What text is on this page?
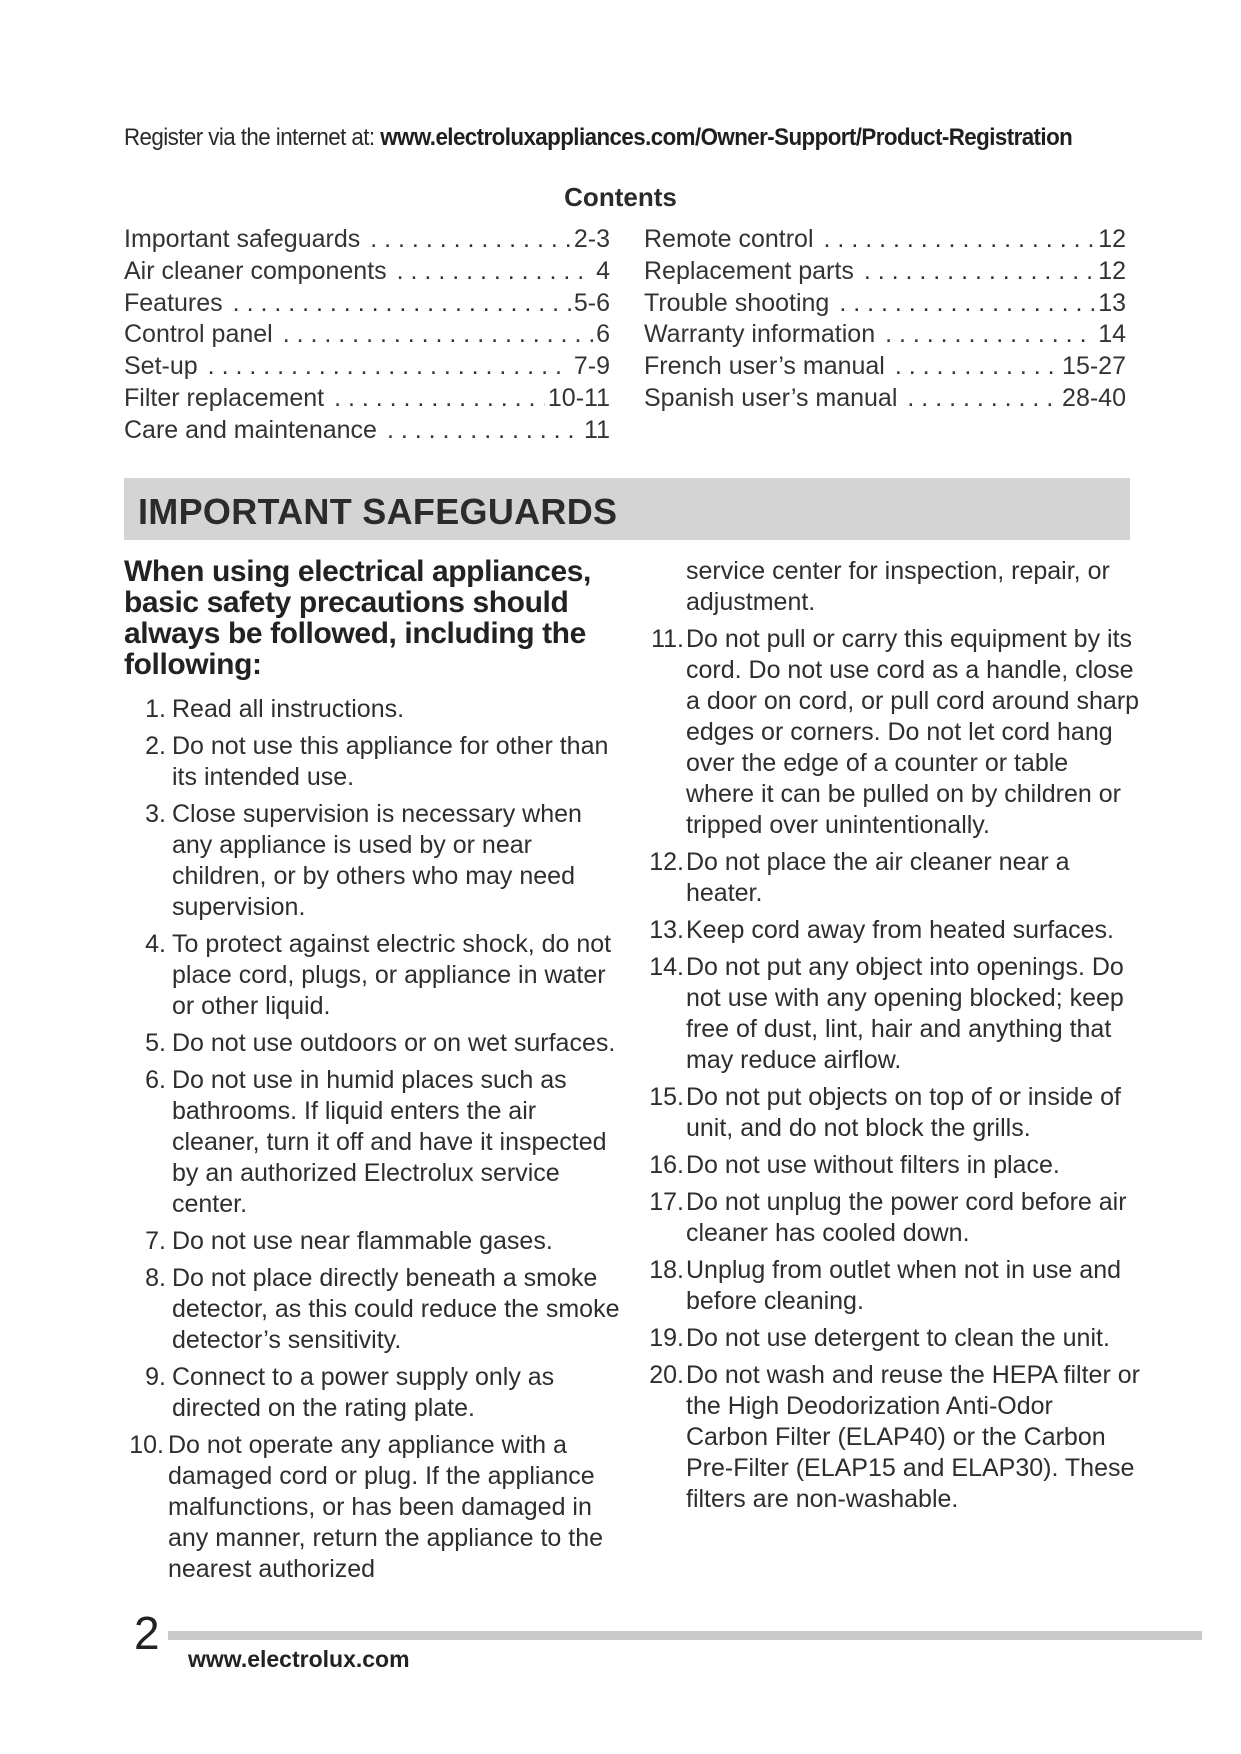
Register via the internet at: www.electroluxappliances.com/Owner-Support/Product-Registration
Contents
Important safeguards . . .	2-3
Air cleaner components . . .	4
Features . . .	5-6
Control panel . . .	6
Set-up . . .	7-9
Filter replacement . . .	10-11
Care and maintenance . . .	11
Remote control . . .	12
Replacement parts . . .	12
Trouble shooting . . .	13
Warranty information . . .	14
French user’s manual . . .	15-27
Spanish user’s manual . . .	28-40
IMPORTANT SAFEGUARDS

When using electrical appliances, basic safety precautions should always be followed, including the following:

1. Read all instructions.
2. Do not use this appliance for other than its intended use.
3. Close supervision is necessary when any appliance is used by or near children, or by others who may need supervision.
4. To protect against electric shock, do not place cord, plugs, or appliance in water or other liquid.
5. Do not use outdoors or on wet surfaces.
6. Do not use in humid places such as bathrooms. If liquid enters the air cleaner, turn it off and have it inspected by an authorized Electrolux service center.
7. Do not use near flammable gases.
8. Do not place directly beneath a smoke detector, as this could reduce the smoke detector’s sensitivity.
9. Connect to a power supply only as directed on the rating plate.
10. Do not operate any appliance with a damaged cord or plug. If the appliance malfunctions, or has been damaged in any manner, return the appliance to the nearest authorized
service center for inspection, repair, or adjustment.
11. Do not pull or carry this equipment by its cord. Do not use cord as a handle, close a door on cord, or pull cord around sharp edges or corners. Do not let cord hang over the edge of a counter or table where it can be pulled on by children or tripped over unintentionally.
12. Do not place the air cleaner near a heater.
13. Keep cord away from heated surfaces.
14. Do not put any object into openings. Do not use with any opening blocked; keep free of dust, lint, hair and anything that may reduce airflow.
15. Do not put objects on top of or inside of unit, and do not block the grills.
16. Do not use without filters in place.
17. Do not unplug the power cord before air cleaner has cooled down.
18. Unplug from outlet when not in use and before cleaning.
19. Do not use detergent to clean the unit.
20. Do not wash and reuse the HEPA filter or the High Deodorization Anti-Odor Carbon Filter (ELAP40) or the Carbon Pre-Filter (ELAP15 and ELAP30). These filters are non-washable.
2 www.electrolux.com
